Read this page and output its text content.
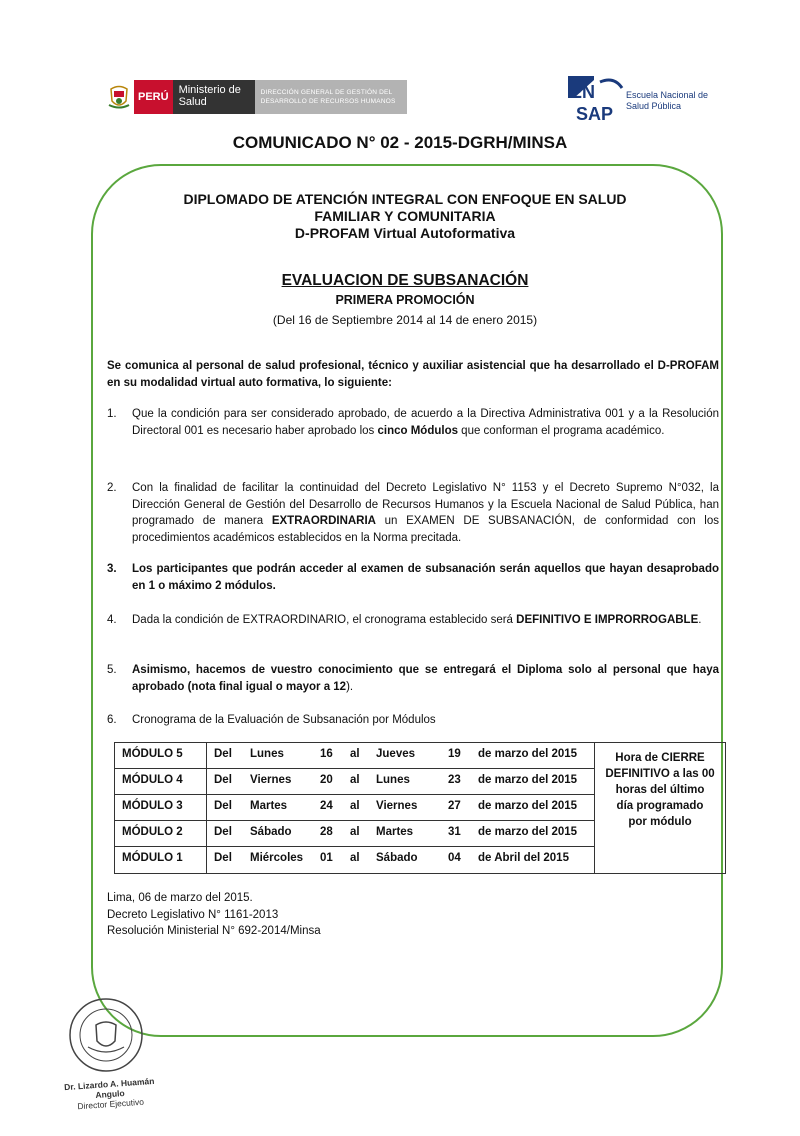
PERÚ
Ministerio de Salud
DIRECCIÓN GENERAL DE GESTIÓN DEL DESARROLLO DE RECURSOS HUMANOS	EN
SAP
Escuela Nacional de Salud Pública
COMUNICADO N° 02 - 2015-DGRH/MINSA
DIPLOMADO DE ATENCIÓN INTEGRAL CON ENFOQUE EN SALUD
FAMILIAR Y COMUNITARIA
D-PROFAM Virtual Autoformativa
EVALUACION DE SUBSANACIÓN
PRIMERA PROMOCIÓN
(Del 16 de Septiembre 2014 al 14 de enero 2015)
Se comunica al personal de salud profesional, técnico y auxiliar asistencial que ha desarrollado el D-PROFAM en su modalidad virtual auto formativa, lo siguiente:
1.	Que la condición para ser considerado aprobado, de acuerdo a la Directiva Administrativa 001 y a la Resolución Directoral 001 es necesario haber aprobado los cinco Módulos que conforman el programa académico.
2.	Con la finalidad de facilitar la continuidad del Decreto Legislativo N° 1153 y el Decreto Supremo N°032, la Dirección General de Gestión del Desarrollo de Recursos Humanos y la Escuela Nacional de Salud Pública, han programado de manera EXTRAORDINARIA un EXAMEN DE SUBSANACIÓN, de conformidad con los procedimientos académicos establecidos en la Norma precitada.
3.	Los participantes que podrán acceder al examen de subsanación serán aquellos que hayan desaprobado en 1 o máximo 2 módulos.
4.	Dada la condición de EXTRAORDINARIO, el cronograma establecido será DEFINITIVO E IMPRORROGABLE.
5.	Asimismo, hacemos de vuestro conocimiento que se entregará el Diploma solo al personal que haya aprobado (nota final igual o mayor a 12).
6.	Cronograma de la Evaluación de Subsanación por Módulos
MÓDULO 5	Del Lunes	16 al Jueves	19 de marzo del 2015
MÓDULO 4	Del Viernes 20 al Lunes	23 de marzo del 2015
MÓDULO 3	Del Martes	24 al Viernes	27 de marzo del 2015
MÓDULO 2	Del Sábado 28 al Martes	31 de marzo del 2015
MÓDULO 1	Del Miércoles 01 al Sábado	04 de Abril del 2015
Hora de CIERRE
DEFINITIVO a las 00
horas del último
día programado
por módulo
Lima, 06 de marzo del 2015.
Decreto Legislativo N° 1161-2013
Resolución Ministerial N° 692-2014/Minsa
Dr. Lizardo A. Huamán Angulo
Director Ejecutivo
